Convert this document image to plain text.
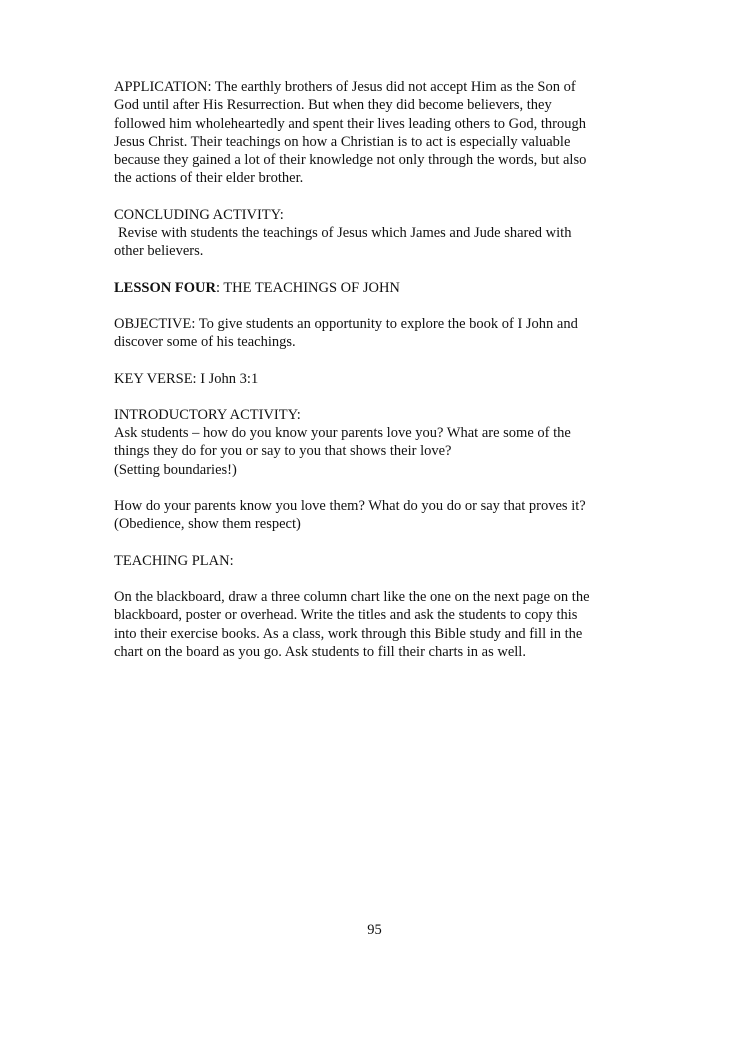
APPLICATION: The earthly brothers of Jesus did not accept Him as the Son of
God until after His Resurrection. But when they did become believers, they
followed him wholeheartedly and spent their lives leading others to God, through
Jesus Christ. Their teachings on how a Christian is to act is especially valuable
because they gained a lot of their knowledge not only through the words, but also
the actions of their elder brother.

CONCLUDING ACTIVITY:
Revise with students the teachings of Jesus which James and Jude shared with
other believers.

LESSON FOUR: THE TEACHINGS OF JOHN

OBJECTIVE: To give students an opportunity to explore the book of I John and
discover some of his teachings.

KEY VERSE: I John 3:1

INTRODUCTORY ACTIVITY:
Ask students – how do you know your parents love you? What are some of the
things they do for you or say to you that shows their love?
(Setting boundaries!)

How do your parents know you love them? What do you do or say that proves it?
(Obedience, show them respect)

TEACHING PLAN:

On the blackboard, draw a three column chart like the one on the next page on the
blackboard, poster or overhead. Write the titles and ask the students to copy this
into their exercise books. As a class, work through this Bible study and fill in the
chart on the board as you go. Ask students to fill their charts in as well.

95
